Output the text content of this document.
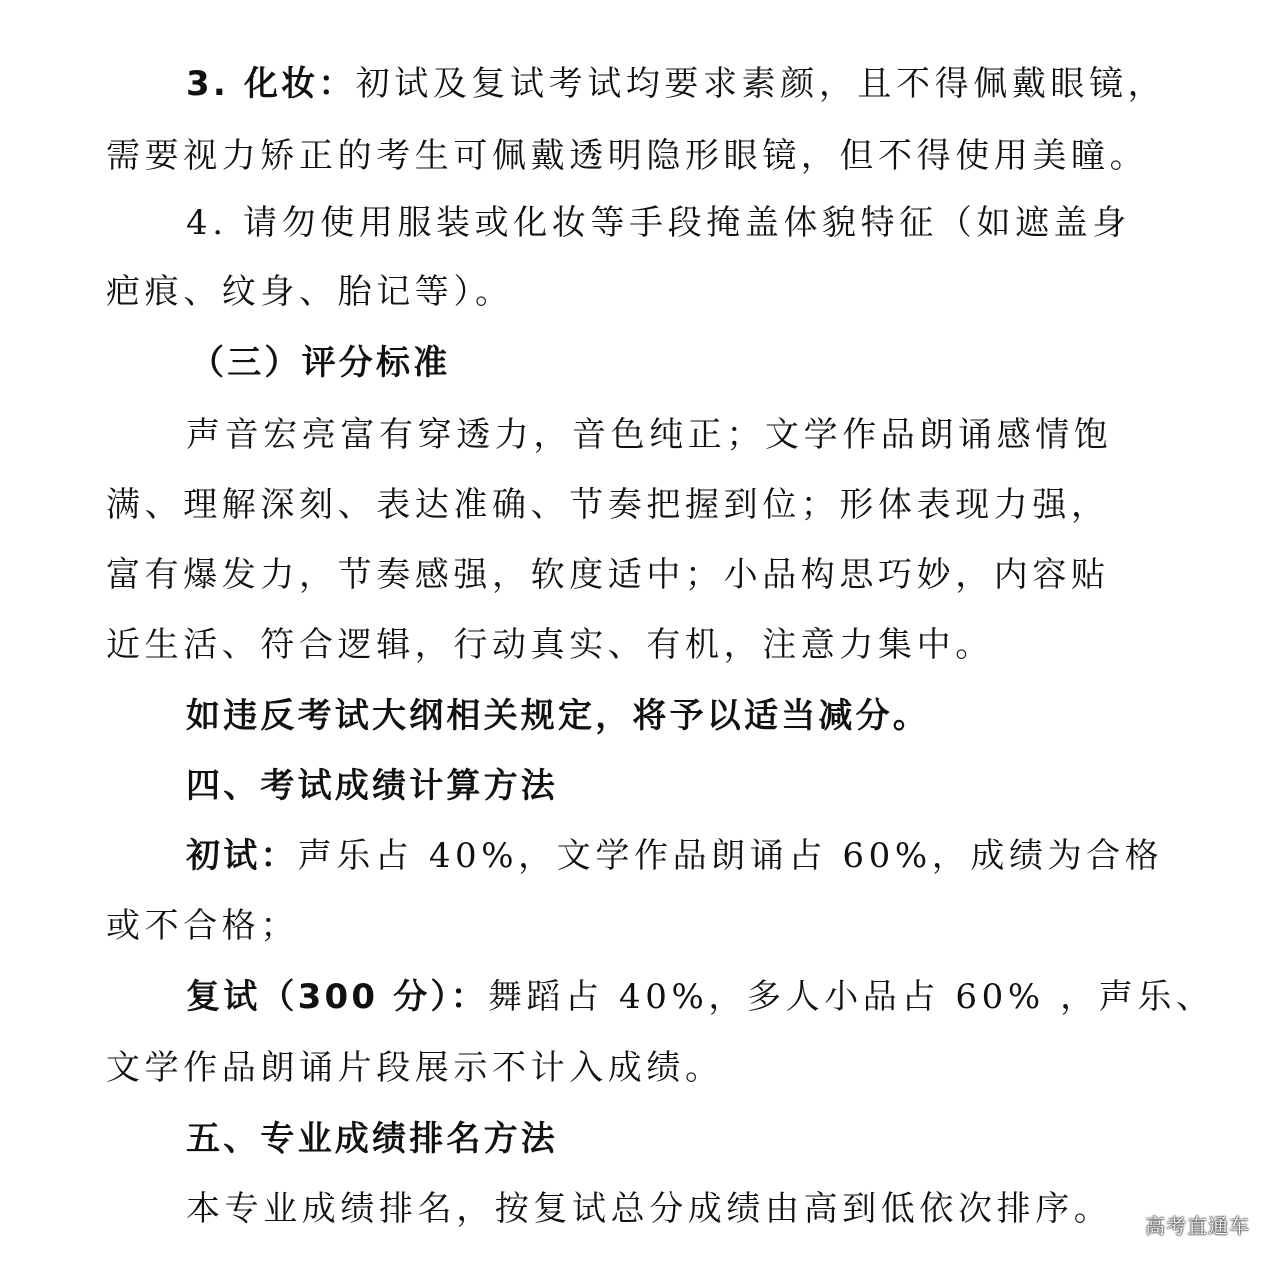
3. 化妆：初试及复试考试均要求素颜，且不得佩戴眼镜，
需要视力矫正的考生可佩戴透明隐形眼镜，但不得使用美瞳。
4. 请勿使用服装或化妆等手段掩盖体貌特征（如遮盖身
疤痕、纹身、胎记等）。
（三）评分标准
声音宏亮富有穿透力，音色纯正；文学作品朗诵感情饱
满、理解深刻、表达准确、节奏把握到位；形体表现力强，
富有爆发力，节奏感强，软度适中；小品构思巧妙，内容贴
近生活、符合逻辑，行动真实、有机，注意力集中。
如违反考试大纲相关规定，将予以适当减分。
四、考试成绩计算方法
初试：声乐占 40%，文学作品朗诵占 60%，成绩为合格
或不合格；
复试（300 分）：舞蹈占 40%，多人小品占 60% ，声乐、
文学作品朗诵片段展示不计入成绩。
五、专业成绩排名方法
本专业成绩排名，按复试总分成绩由高到低依次排序。 高考直通车
